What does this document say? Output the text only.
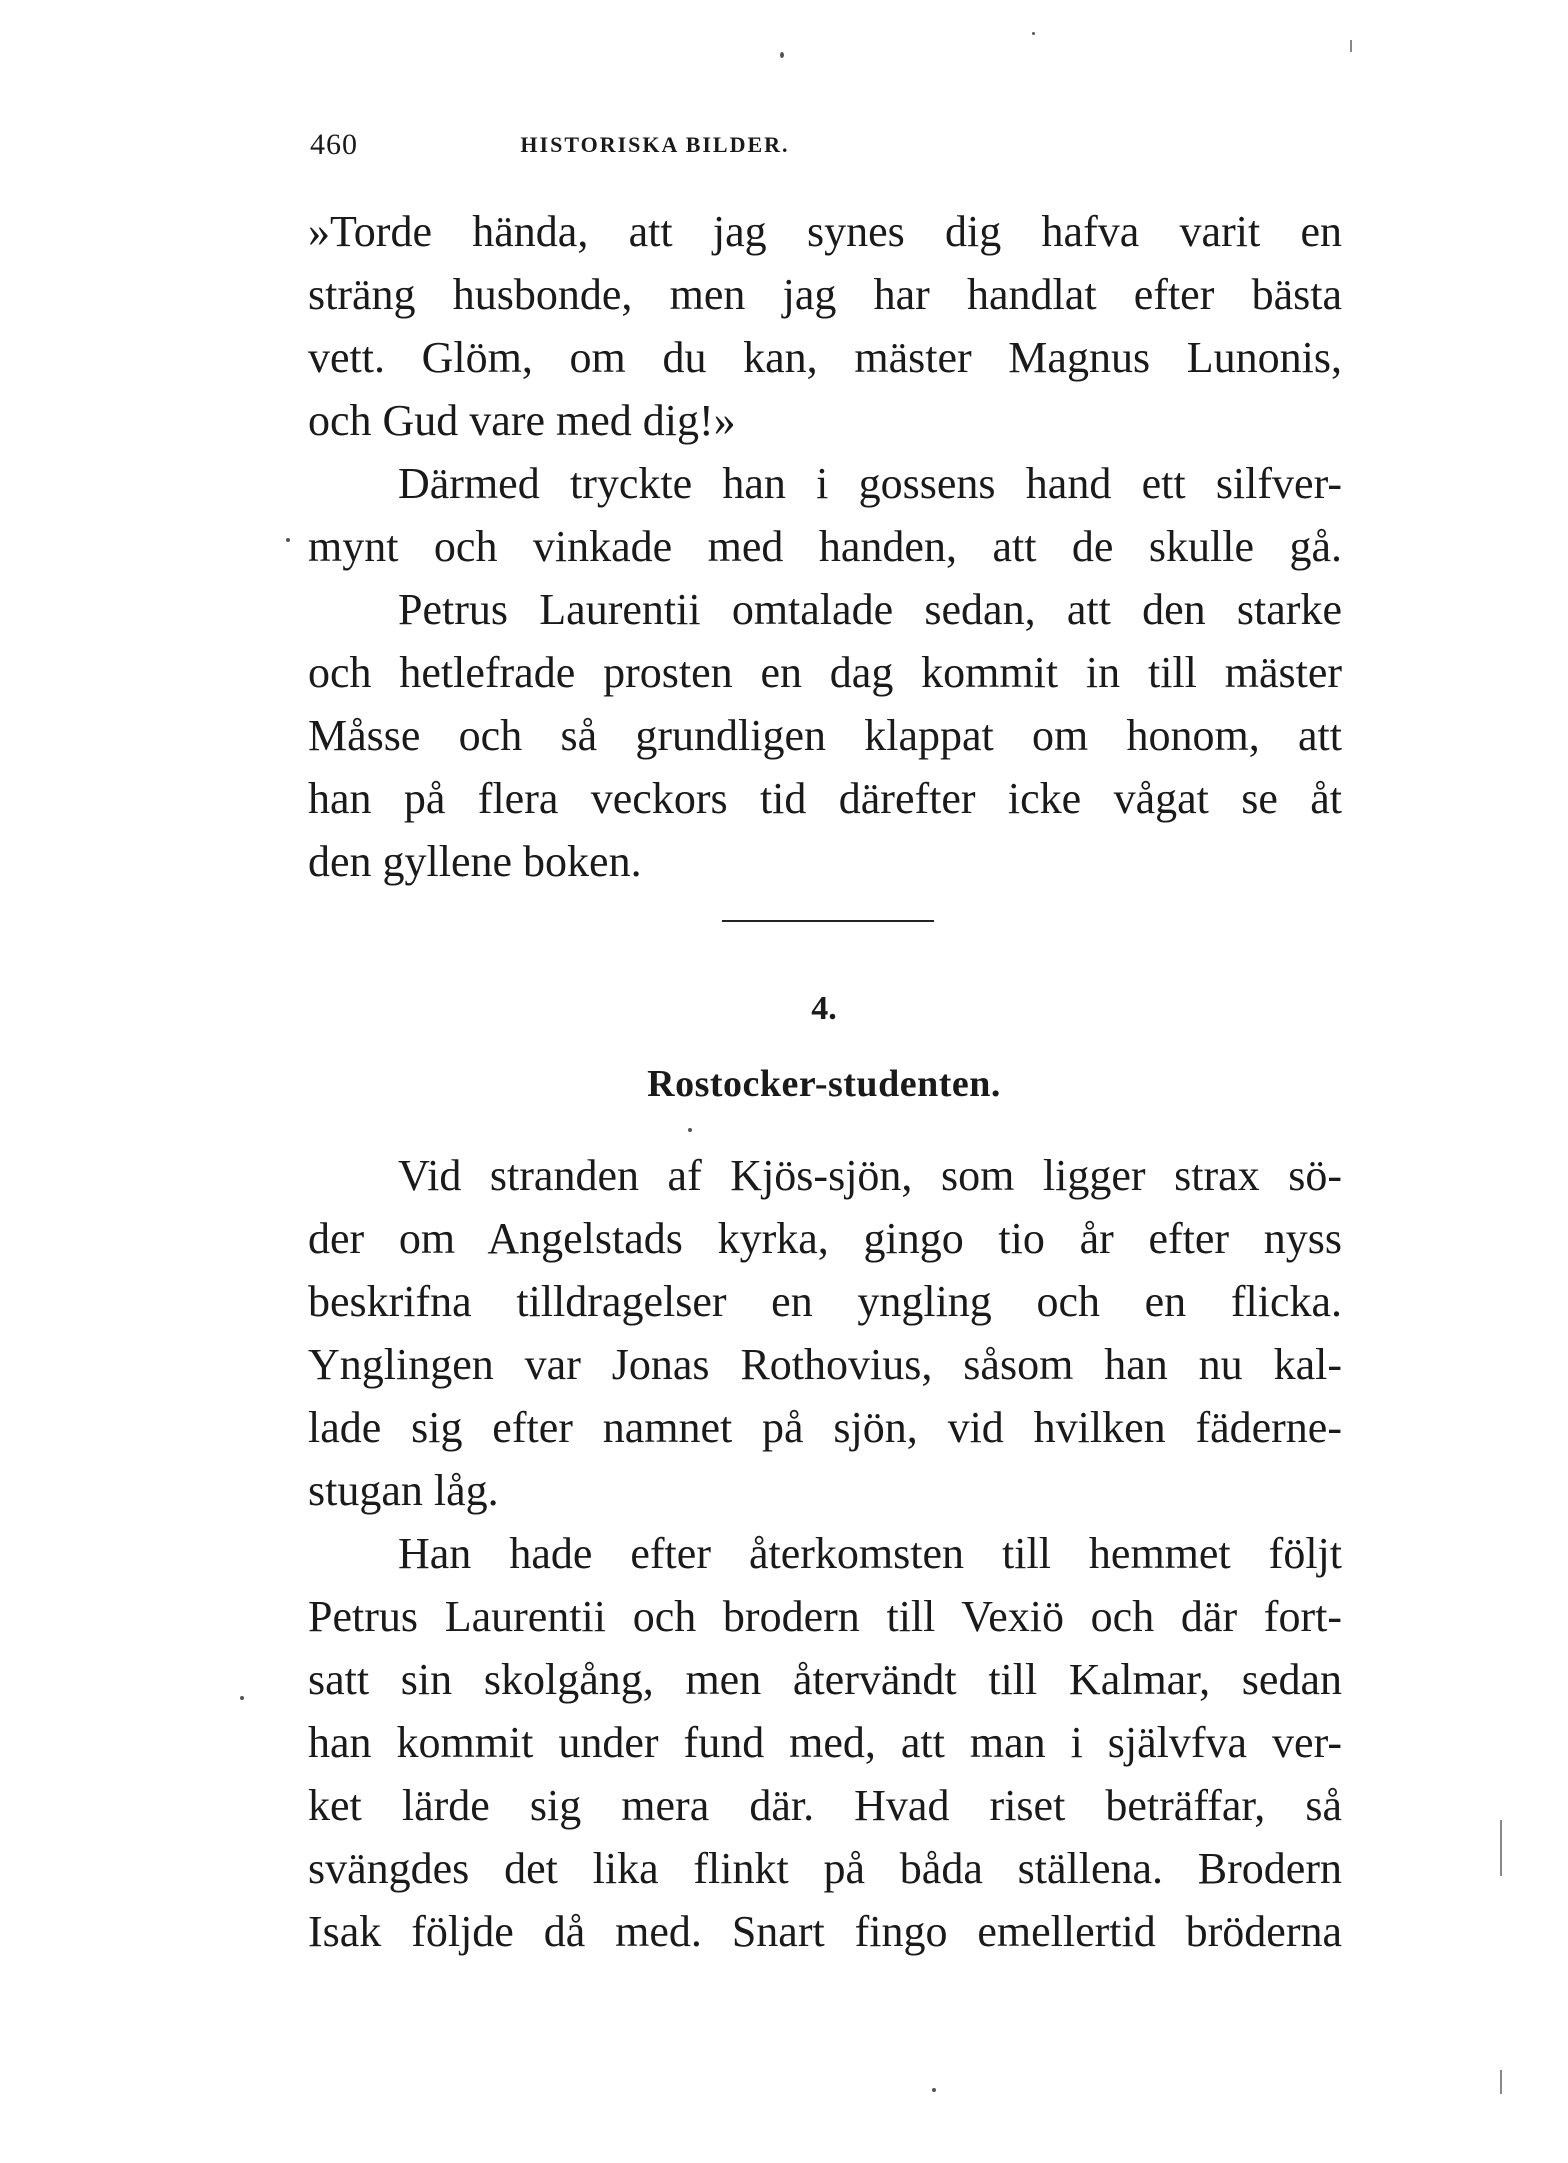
460	HISTORISKA BILDER.
»Torde hända, att jag synes dig hafva varit en
sträng husbonde, men jag har handlat efter bästa
vett. Glöm, om du kan, mäster Magnus Lunonis,
och Gud vare med dig!»
Därmed tryckte han i gossens hand ett silfver-
mynt och vinkade med handen, att de skulle gå.
Petrus Laurentii omtalade sedan, att den starke
och hetlefrade prosten en dag kommit in till mäster
Måsse och så grundligen klappat om honom, att
han på flera veckors tid därefter icke vågat se åt
den gyllene boken.
4.
Rostocker-studenten.
Vid stranden af Kjös-sjön, som ligger strax sö-
der om Angelstads kyrka, gingo tio år efter nyss
beskrifna tilldragelser en yngling och en flicka.
Ynglingen var Jonas Rothovius, såsom han nu kal-
lade sig efter namnet på sjön, vid hvilken fäderne-
stugan låg.
Han hade efter återkomsten till hemmet följt
Petrus Laurentii och brodern till Vexiö och där fort-
satt sin skolgång, men återvändt till Kalmar, sedan
han kommit under fund med, att man i självfva ver-
ket lärde sig mera där. Hvad riset beträffar, så
svängdes det lika flinkt på båda ställena. Brodern
Isak följde då med. Snart fingo emellertid bröderna
